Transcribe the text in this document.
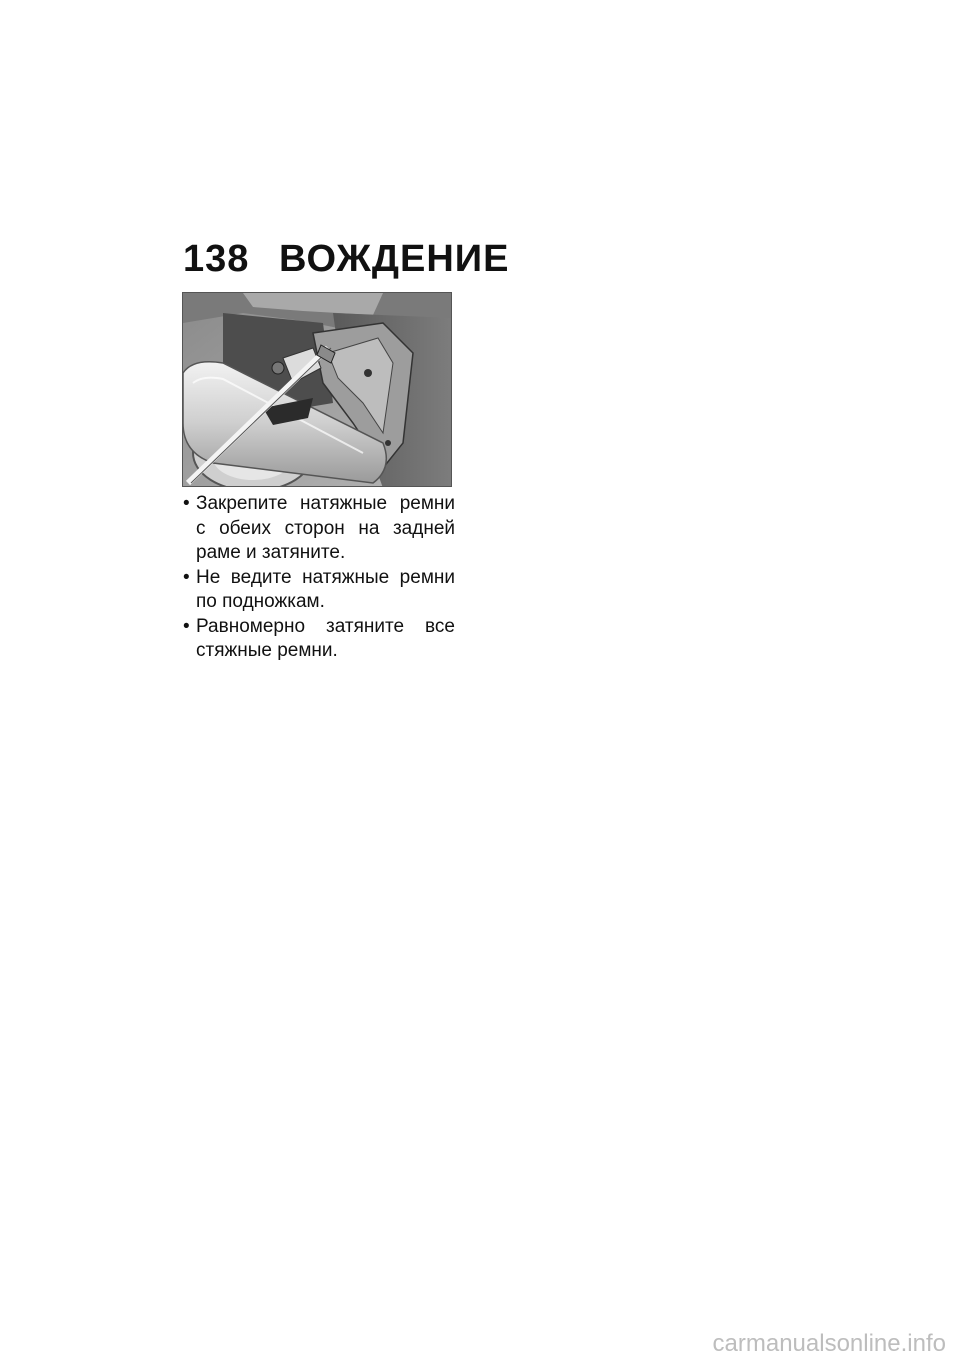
138 ВОЖДЕНИЕ
• Закрепите натяжные ремни с обеих сторон на задней раме и затяните.
• Не ведите натяжные ремни по подножкам.
• Равномерно затяните все стяжные ремни.
carmanualsonline.info
